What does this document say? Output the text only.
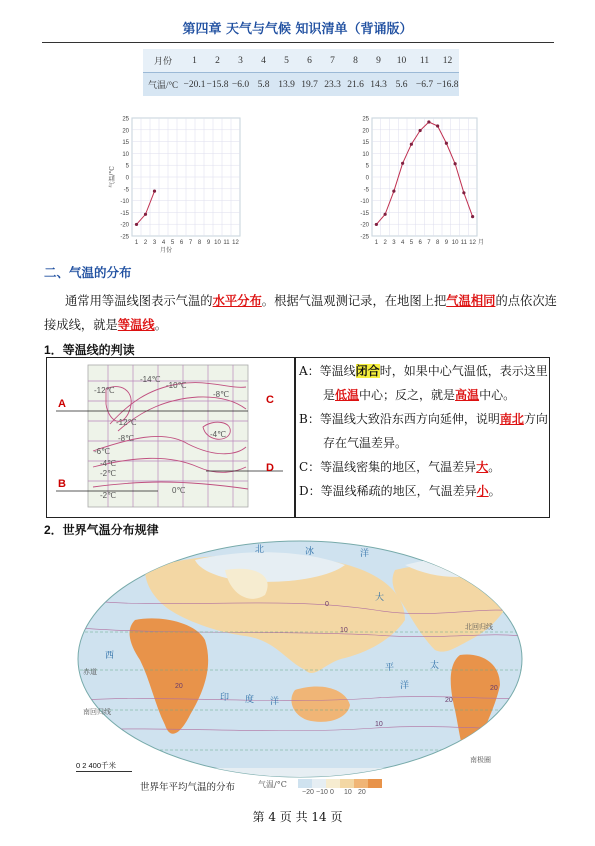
第四章 天气与气候 知识清单（背诵版）
月份	1	2	3	4	5	6	7	8	9	10	11	12
气温/°C	−20.1	−15.8	−6.0	5.8	13.9	19.7	23.3	21.6	14.3	5.6	−6.7	−16.8
25
20
15
10
5
0
-5
-10
-15
-20
-25
1 2 3 4 5 6 7 8 9 10 11 12
气温/°C
月份
25
20
15
10
5
0
-5
-10
-15
-20
-25
1 2 3 4 5 6 7 8 9 10 11 12 月
二、气温的分布
通常用等温线图表示气温的水平分布。根据气温观测记录，在地图上把气温相同的点依次连
接成线，就是等温线。
1．等温线的判读
-12℃
-14℃
-10℃
-12℃
-8℃
-8℃
-4℃
-6℃
-4℃
-2℃
-2℃
0℃
A
B
C
D
A：等温线闭合时，如果中心气温低，表示这里
是低温中心；反之，就是高温中心。
B：等温线大致沿东西方向延伸，说明南北方向
存在气温差异。
C：等温线密集的地区，气温差异大。
D：等温线稀疏的地区，气温差异小。
2．世界气温分布规律
北	冰	洋
西
大
太
平
洋
印 度 洋
赤道
南回归线
北回归线
南极圈
0
10
20
10
20
20
0 2 400千米
世界年平均气温的分布	气温/°C
−20 −10 0 10 20
第 4 页 共 14 页
